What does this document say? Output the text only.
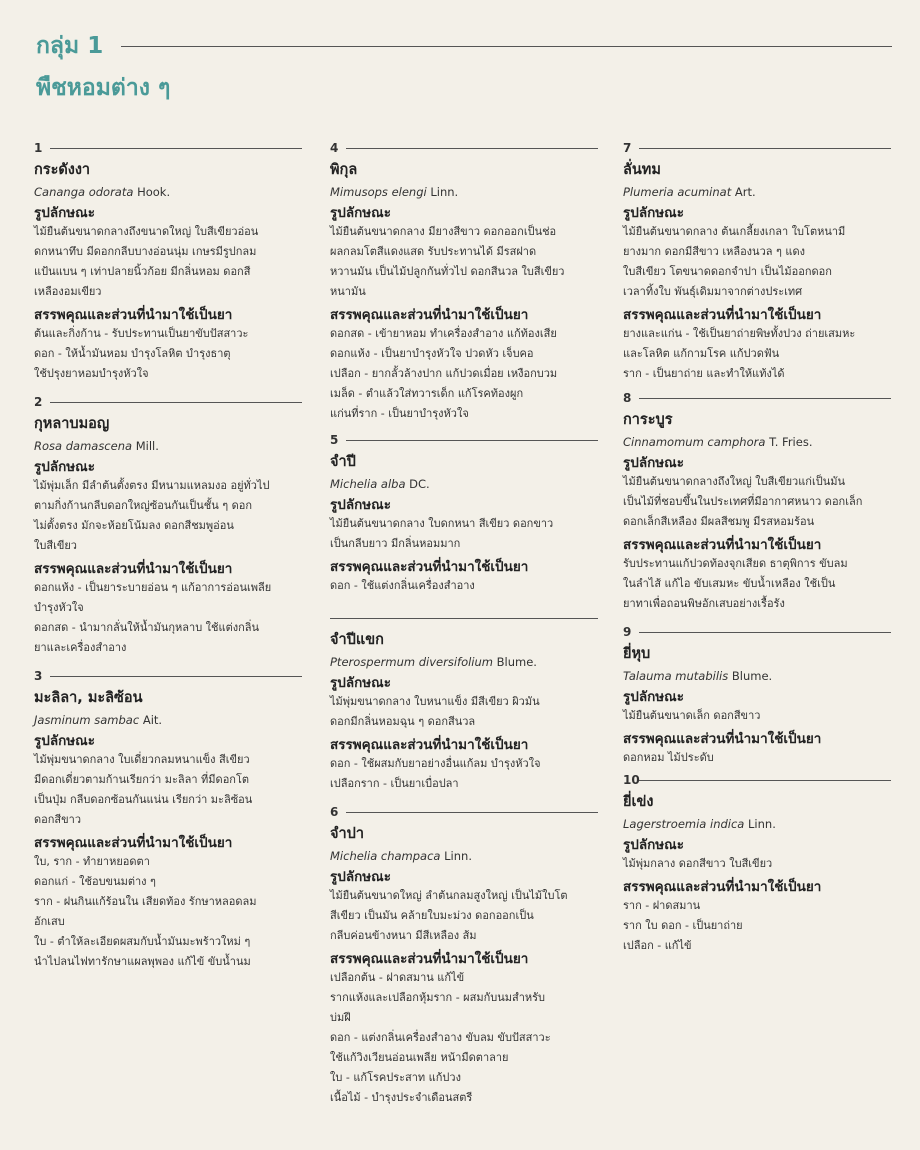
กลุ่ม 1
พืชหอมต่าง ๆ
1
กระดังงา
Cananga odorata Hook.
รูปลักษณะ
ไม้ยืนต้นขนาดกลางถึงขนาดใหญ่ ใบสีเขียวอ่อน
ดกหนาทึบ มีดอกกลีบบางอ่อนนุ่ม เกษรมีรูปกลม
แป้นแบน ๆ เท่าปลายนิ้วก้อย มีกลิ่นหอม ดอกสี
เหลืองอมเขียว
สรรพคุณและส่วนที่นำมาใช้เป็นยา
ต้นและกิ่งก้าน - รับประทานเป็นยาขับปัสสาวะ
ดอก - ให้น้ำมันหอม บำรุงโลหิต บำรุงธาตุ
ใช้ปรุงยาหอมบำรุงหัวใจ
2
กุหลาบมอญ
Rosa damascena Mill.
รูปลักษณะ
ไม้พุ่มเล็ก มีลำต้นตั้งตรง มีหนามแหลมงอ อยู่ทั่วไป
ตามกิ่งก้านกลีบดอกใหญ่ซ้อนกันเป็นชั้น ๆ ดอก
ไม่ตั้งตรง มักจะห้อยโน้มลง ดอกสีชมพูอ่อน
ใบสีเขียว
สรรพคุณและส่วนที่นำมาใช้เป็นยา
ดอกแห้ง - เป็นยาระบายอ่อน ๆ แก้อาการอ่อนเพลีย
บำรุงหัวใจ
ดอกสด - นำมากลั่นให้น้ำมันกุหลาบ ใช้แต่งกลิ่น
ยาและเครื่องสำอาง
3
มะลิลา, มะลิซ้อน
Jasminum sambac Ait.
รูปลักษณะ
ไม้พุ่มขนาดกลาง ใบเดี่ยวกลมหนาแข็ง สีเขียว
มีดอกเดี่ยวตามก้านเรียกว่า มะลิลา ที่มีดอกโต
เป็นปุ่ม กลีบดอกซ้อนกันแน่น เรียกว่า มะลิซ้อน
ดอกสีขาว
สรรพคุณและส่วนที่นำมาใช้เป็นยา
ใบ, ราก - ทำยาหยอดตา
ดอกแก่ - ใช้อบขนมต่าง ๆ
ราก - ฝนกินแก้ร้อนใน เสียดท้อง รักษาหลอดลม
อักเสบ
ใบ - ตำให้ละเอียดผสมกับน้ำมันมะพร้าวใหม่ ๆ
นำไปลนไฟทารักษาแผลพุพอง แก้ไข้ ขับน้ำนม
4
พิกุล
Mimusops elengi Linn.
รูปลักษณะ
ไม้ยืนต้นขนาดกลาง มียางสีขาว ดอกออกเป็นช่อ
ผลกลมโตสีแดงแสด รับประทานได้ มีรสฝาด
หวานมัน เป็นไม้ปลูกกันทั่วไป ดอกสีนวล ใบสีเขียว
หนามัน
สรรพคุณและส่วนที่นำมาใช้เป็นยา
ดอกสด - เข้ายาหอม ทำเครื่องสำอาง แก้ท้องเสีย
ดอกแห้ง - เป็นยาบำรุงหัวใจ ปวดหัว เจ็บคอ
เปลือก - ยากลั้วล้างปาก แก้ปวดเมื่อย เหงือกบวม
เมล็ด - ตำแล้วใส่ทวารเด็ก แก้โรคท้องผูก
แก่นที่ราก - เป็นยาบำรุงหัวใจ
5
จำปี
Michelia alba DC.
รูปลักษณะ
ไม้ยืนต้นขนาดกลาง ใบดกหนา สีเขียว ดอกขาว
เป็นกลีบยาว มีกลิ่นหอมมาก
สรรพคุณและส่วนที่นำมาใช้เป็นยา
ดอก - ใช้แต่งกลิ่นเครื่องสำอาง
จำปีแขก
Pterospermum diversifolium Blume.
รูปลักษณะ
ไม้พุ่มขนาดกลาง ใบหนาแข็ง มีสีเขียว ผิวมัน
ดอกมีกลิ่นหอมฉุน ๆ ดอกสีนวล
สรรพคุณและส่วนที่นำมาใช้เป็นยา
ดอก - ใช้ผสมกับยาอย่างอื่นแก้ลม บำรุงหัวใจ
เปลือกราก - เป็นยาเบื่อปลา
6
จำปา
Michelia champaca Linn.
รูปลักษณะ
ไม้ยืนต้นขนาดใหญ่ ลำต้นกลมสูงใหญ่ เป็นไม้ใบโต
สีเขียว เป็นมัน คล้ายใบมะม่วง ดอกออกเป็น
กลีบค่อนข้างหนา มีสีเหลือง ส้ม
สรรพคุณและส่วนที่นำมาใช้เป็นยา
เปลือกต้น - ฝาดสมาน แก้ไข้
รากแห้งและเปลือกหุ้มราก - ผสมกับนมสำหรับ
บ่มฝี
ดอก - แต่งกลิ่นเครื่องสำอาง ขับลม ขับปัสสาวะ
ใช้แก้วิงเวียนอ่อนเพลีย หน้ามืดตาลาย
ใบ - แก้โรคประสาท แก้ปวง
เนื้อไม้ - บำรุงประจำเดือนสตรี
7
ลั่นทม
Plumeria acuminat Art.
รูปลักษณะ
ไม้ยืนต้นขนาดกลาง ต้นเกลี้ยงเกลา ใบโตหนามี
ยางมาก ดอกมีสีขาว เหลืองนวล ๆ แดง
ใบสีเขียว โตขนาดดอกจำปา เป็นไม้ออกดอก
เวลาทิ้งใบ พันธุ์เดิมมาจากต่างประเทศ
สรรพคุณและส่วนที่นำมาใช้เป็นยา
ยางและแก่น - ใช้เป็นยาถ่ายพิษทั้งปวง ถ่ายเสมหะ
และโลหิต แก้กามโรค แก้ปวดฟัน
ราก - เป็นยาถ่าย และทำให้แท้งได้
8
การะบูร
Cinnamomum camphora T. Fries.
รูปลักษณะ
ไม้ยืนต้นขนาดกลางถึงใหญ่ ใบสีเขียวแก่เป็นมัน
เป็นไม้ที่ชอบขึ้นในประเทศที่มีอากาศหนาว ดอกเล็ก
ดอกเล็กสีเหลือง มีผลสีชมพู มีรสหอมร้อน
สรรพคุณและส่วนที่นำมาใช้เป็นยา
รับประทานแก้ปวดท้องจุกเสียด ธาตุพิการ ขับลม
ในลำไส้ แก้ไอ ขับเสมหะ ขับน้ำเหลือง ใช้เป็น
ยาทาเพื่อถอนพิษอักเสบอย่างเรื้อรัง
9
ยี่หุบ
Talauma mutabilis Blume.
รูปลักษณะ
ไม้ยืนต้นขนาดเล็ก ดอกสีขาว
สรรพคุณและส่วนที่นำมาใช้เป็นยา
ดอกหอม ไม้ประดับ
10
ยี่เข่ง
Lagerstroemia indica Linn.
รูปลักษณะ
ไม้พุ่มกลาง ดอกสีขาว ใบสีเขียว
สรรพคุณและส่วนที่นำมาใช้เป็นยา
ราก - ฝาดสมาน
ราก ใบ ดอก - เป็นยาถ่าย
เปลือก - แก้ไข้
